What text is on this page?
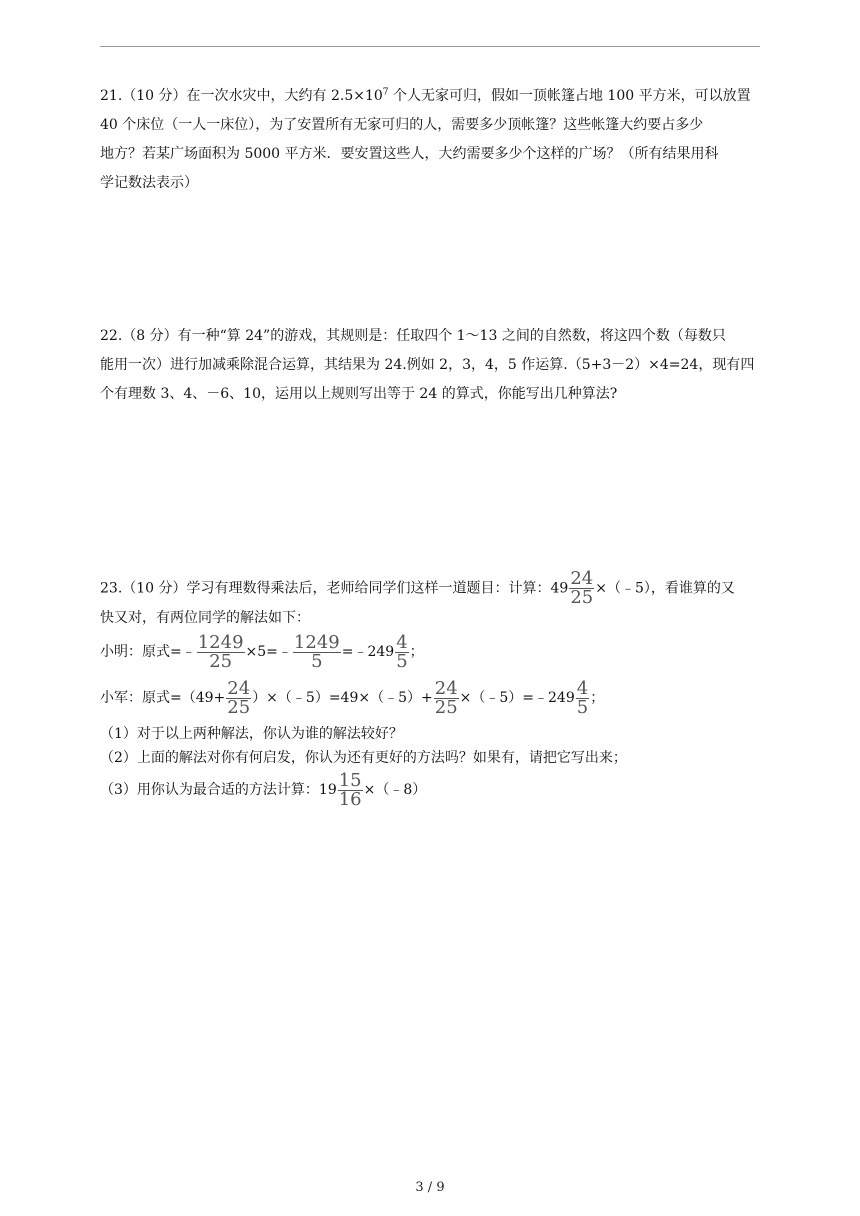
21.（10 分）在一次水灾中，大约有 $2.5\times 10^7$ 个人无家可归，假如一顶帐篷占地 100 平方米，可以放置

40 个床位（一人一床位），为了安置所有无家可归的人，需要多少顶帐篷？这些帐篷大约要占多少

地方？若某广场面积为 5000 平方米．要安置这些人，大约需要多少个这样的广场？（所有结果用科

学记数法表示）

22.（8 分）有一种“算 24”的游戏，其规则是：任取四个 1～13 之间的自然数，将这四个数（每数只

能用一次）进行加减乘除混合运算，其结果为 24.例如 2，3，4，5 作运算.（5+3－2）×4=24，现有四

个有理数 3、4、－6、10，运用以上规则写出等于 24 的算式，你能写出几种算法?

23.（10 分）学习有理数得乘法后，老师给同学们这样一道题目：计算：$49 \frac{24}{25}$ ×（﹣5），看谁算的又
快又对，有两位同学的解法如下：
小明：原式=﹣ $\frac{1249}{25}$ ×5=﹣ $\frac{1249}{5}$ =﹣249 $\frac{4}{5}$ ；
小军：原式$=(49+ \frac{24}{25}$ ）×（﹣5）=49×（﹣5）+ $\frac{24}{25}$ ×（﹣5）=﹣249 $\frac{4}{5}$ ；
（1）对于以上两种解法，你认为谁的解法较好？
（2）上面的解法对你有何启发，你认为还有更好的方法吗？如果有，请把它写出来；
（3）用你认为最合适的方法计算：$19 \frac{15}{16}$ ×（﹣8）
3 / 9
